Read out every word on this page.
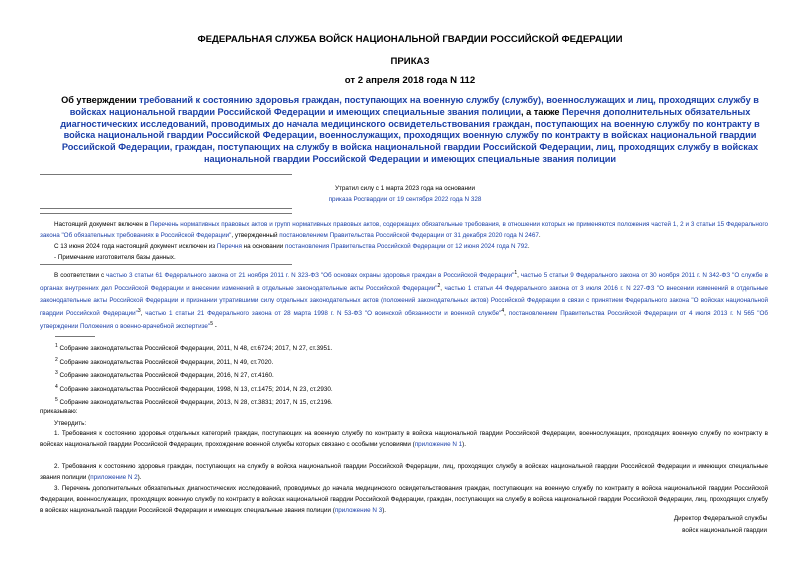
ФЕДЕРАЛЬНАЯ СЛУЖБА ВОЙСК НАЦИОНАЛЬНОЙ ГВАРДИИ РОССИЙСКОЙ ФЕДЕРАЦИИ
ПРИКАЗ
от 2 апреля 2018 года N 112
Об утверждении требований к состоянию здоровья граждан, поступающих на военную службу (службу), военнослужащих и лиц, проходящих службу в войсках национальной гвардии Российской Федерации и имеющих специальные звания полиции, а также Перечня дополнительных обязательных диагностических исследований, проводимых до начала медицинского освидетельствования граждан, поступающих на военную службу по контракту в войска национальной гвардии Российской Федерации, военнослужащих, проходящих военную службу по контракту в войсках национальной гвардии Российской Федерации, граждан, поступающих на службу в войска национальной гвардии Российской Федерации, лиц, проходящих службу в войсках национальной гвардии Российской Федерации и имеющих специальные звания полиции
Утратил силу с 1 марта 2023 года на основании
приказа Росгвардии от 19 сентября 2022 года N 328
Настоящий документ включен в Перечень нормативных правовых актов и групп нормативных правовых актов, содержащих обязательные требования, в отношении которых не применяются положения частей 1, 2 и 3 статьи 15 Федерального закона "Об обязательных требованиях в Российской Федерации", утвержденный постановлением Правительства Российской Федерации от 31 декабря 2020 года N 2467.
С 13 июня 2024 года настоящий документ исключен из Перечня на основании постановления Правительства Российской Федерации от 12 июня 2024 года N 792.
- Примечание изготовителя базы данных.
В соответствии с частью 3 статьи 61 Федерального закона от 21 ноября 2011 г. N 323-ФЗ "Об основах охраны здоровья граждан в Российской Федерации"$^1$, частью 5 статьи 9 Федерального закона от 30 ноября 2011 г. N 342-ФЗ "О службе в органах внутренних дел Российской Федерации и внесении изменений в отдельные законодательные акты Российской Федерации"$^2$, частью 1 статьи 44 Федерального закона от 3 июля 2016 г. N 227-ФЗ "О внесении изменений в отдельные законодательные акты Российской Федерации и признании утратившими силу отдельных законодательных актов (положений законодательных актов) Российской Федерации в связи с принятием Федерального закона "О войсках национальной гвардии Российской Федерации"$^3$, частью 1 статьи 21 Федерального закона от 28 марта 1998 г. N 53-ФЗ "О воинской обязанности и военной службе"$^4$, постановлением Правительства Российской Федерации от 4 июля 2013 г. N 565 "Об утверждении Положения о военно-врачебной экспертизе"$^5$ -
$^1$ Собрание законодательства Российской Федерации, 2011, N 48, ст.6724; 2017, N 27, ст.3951.
$^2$ Собрание законодательства Российской Федерации, 2011, N 49, ст.7020.
$^3$ Собрание законодательства Российской Федерации, 2016, N 27, ст.4160.
$^4$ Собрание законодательства Российской Федерации, 1998, N 13, ст.1475; 2014, N 23, ст.2930.
$^5$ Собрание законодательства Российской Федерации, 2013, N 28, ст.3831; 2017, N 15, ст.2196.
приказываю:
Утвердить:
1. Требования к состоянию здоровья отдельных категорий граждан, поступающих на военную службу по контракту в войска национальной гвардии Российской Федерации, военнослужащих, проходящих военную службу по контракту в войсках национальной гвардии Российской Федерации, прохождение военной службы которых связано с особыми условиями (приложение N 1).
2. Требования к состоянию здоровья граждан, поступающих на службу в войска национальной гвардии Российской Федерации, лиц, проходящих службу в войсках национальной гвардии Российской Федерации и имеющих специальные звания полиции (приложение N 2).
3. Перечень дополнительных обязательных диагностических исследований, проводимых до начала медицинского освидетельствования граждан, поступающих на военную службу по контракту в войска национальной гвардии Российской Федерации, военнослужащих, проходящих военную службу по контракту в войсках национальной гвардии Российской Федерации, граждан, поступающих на службу в войска национальной гвардии Российской Федерации, лиц, проходящих службу в войсках национальной гвардии Российской Федерации и имеющих специальные звания полиции (приложение N 3).
Директор Федеральной службы
войск национальной гвардии
